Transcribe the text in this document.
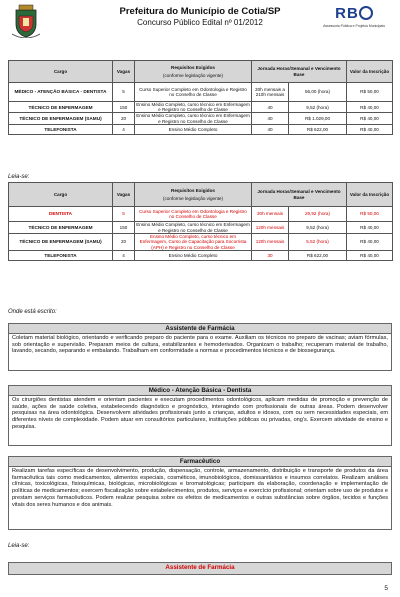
Prefeitura do Município de Cotia/SP
Concurso Público Edital nº 01/2012
RB
Assessoria Pública e Projetos Municipais
Cargo	Vagas	Requisitos Exigidos
(conforme legislação vigente)	Jornada Horas/Semanal e Vencimento Base		Valor da Inscrição
MÉDICO - ATENÇÃO BÁSICA - DENTISTA	5	Curso Superior Completo em Odontologia e Registro no Conselho de Classe	30h mensais a 210h mensais	56,00 (hora)	R$ 50,00
TÉCNICO DE ENFERMAGEM	150	Ensino Médio Completo, curso técnico em Enfermagem e Registro no Conselho de Classe	40	9,52 (hora)	R$ 40,00
TÉCNICO DE ENFERMAGEM (SAMU)	20	Ensino Médio Completo, curso técnico em Enfermagem e Registro no Conselho de Classe	40	R$ 1.029,00	R$ 40,00
TELEFONISTA	4	Ensino Médio Completo	40	R$ 622,00	R$ 40,00
Leia-se:
Cargo	Vagas	Requisitos Exigidos
(conforme legislação vigente)	Jornada Horas/Semanal e Vencimento Base		Valor da Inscrição
DENTISTA	5	Curso Superior Completo em Odontologia e Registro no Conselho de Classe	30h mensais	29,92 (hora)	R$ 50,00
TÉCNICO DE ENFERMAGEM	150	Ensino Médio Completo, curso técnico em Enfermagem e Registro no Conselho de Classe	120h mensais	9,52 (hora)	R$ 40,00
TÉCNICO DE ENFERMAGEM (SAMU)	20	Ensino Médio Completo, curso técnico em Enfermagem, Curso de Capacitação para Socorrista (APH) e Registro no Conselho de Classe	120h mensais	5,52 (hora)	R$ 40,00
TELEFONISTA	4	Ensino Médio Completo	30	R$ 622,00	R$ 40,00
Onde está escrito:
Assistente de Farmácia
Coletam material biológico, orientando e verificando preparo do paciente para o exame. Auxiliam os técnicos no preparo de vacinas; aviam fórmulas, sob orientação e supervisão. Preparam meios de cultura, estabilizantes e hemoderivados. Organizam o trabalho; recuperam material de trabalho, lavando, secando, separando e embalando. Trabalham em conformidade a normas e procedimentos técnicos e de biossegurança.
Médico - Atenção Básica - Dentista
Os cirurgiões dentistas atendem e orientam pacientes e executam procedimentos odontológicos, aplicam medidas de promoção e prevenção de saúde, ações de saúde coletiva, estabelecendo diagnóstico e prognóstico, interagindo com profissionais de outras áreas. Podem desenvolver pesquisas na área odontológica. Desenvolvem atividades profissionais junto a crianças, adultos e idosos, com ou sem necessidades especiais, em diferentes níveis de complexidade. Podem atuar em consultórios particulares, instituições públicas ou privadas, ong's. Exercem atividade de ensino e pesquisa.
Farmacêutico
Realizam tarefas específicas de desenvolvimento, produção, dispensação, controle, armazenamento, distribuição e transporte de produtos da área farmacêutica tais como medicamentos, alimentos especiais, cosméticos, imunobiológicos, domissanitários e insumos correlatos. Realizam análises clínicas, toxicológicas, fisioquímicas, biológicas, microbiológicas e bromatológicas; participam da elaboração, coordenação e implementação de políticas de medicamentos; exercem fiscalização sobre estabelecimentos, produtos, serviços e exercício profissional; orientam sobre uso de produtos e prestam serviços farmacêuticos. Podem realizar pesquisa sobre os efeitos de medicamentos e outras substâncias sobre órgãos, tecidos e funções vitais dos seres humanos e dos animais.
Leia-se:
Assistente de Farmácia
5
